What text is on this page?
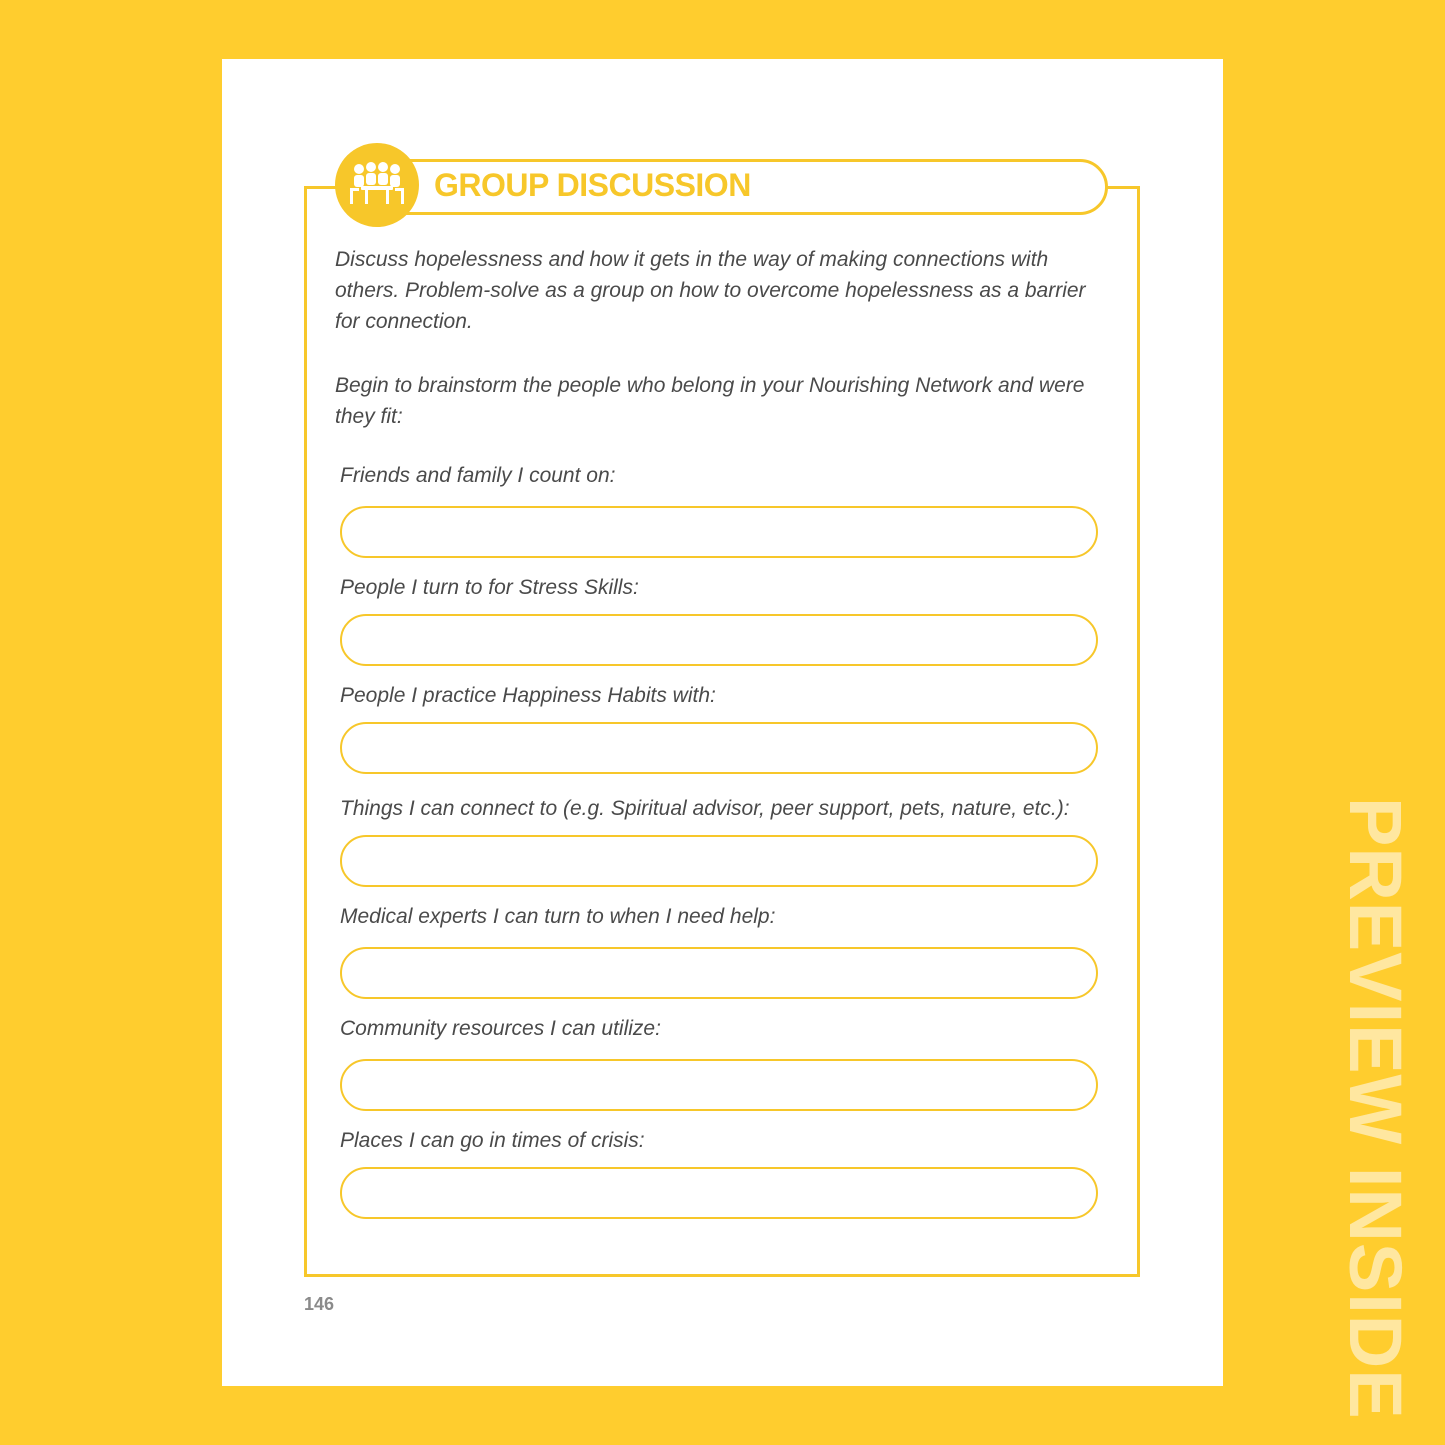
GROUP DISCUSSION

Discuss hopelessness and how it gets in the way of making connections with others. Problem-solve as a group on how to overcome hopelessness as a barrier for connection.

Begin to brainstorm the people who belong in your Nourishing Network and were they fit:

Friends and family I count on:
People I turn to for Stress Skills:
People I practice Happiness Habits with:
Things I can connect to (e.g. Spiritual advisor, peer support, pets, nature, etc.):
Medical experts I can turn to when I need help:
Community resources I can utilize:
Places I can go in times of crisis:
146	PREVIEW INSIDE
